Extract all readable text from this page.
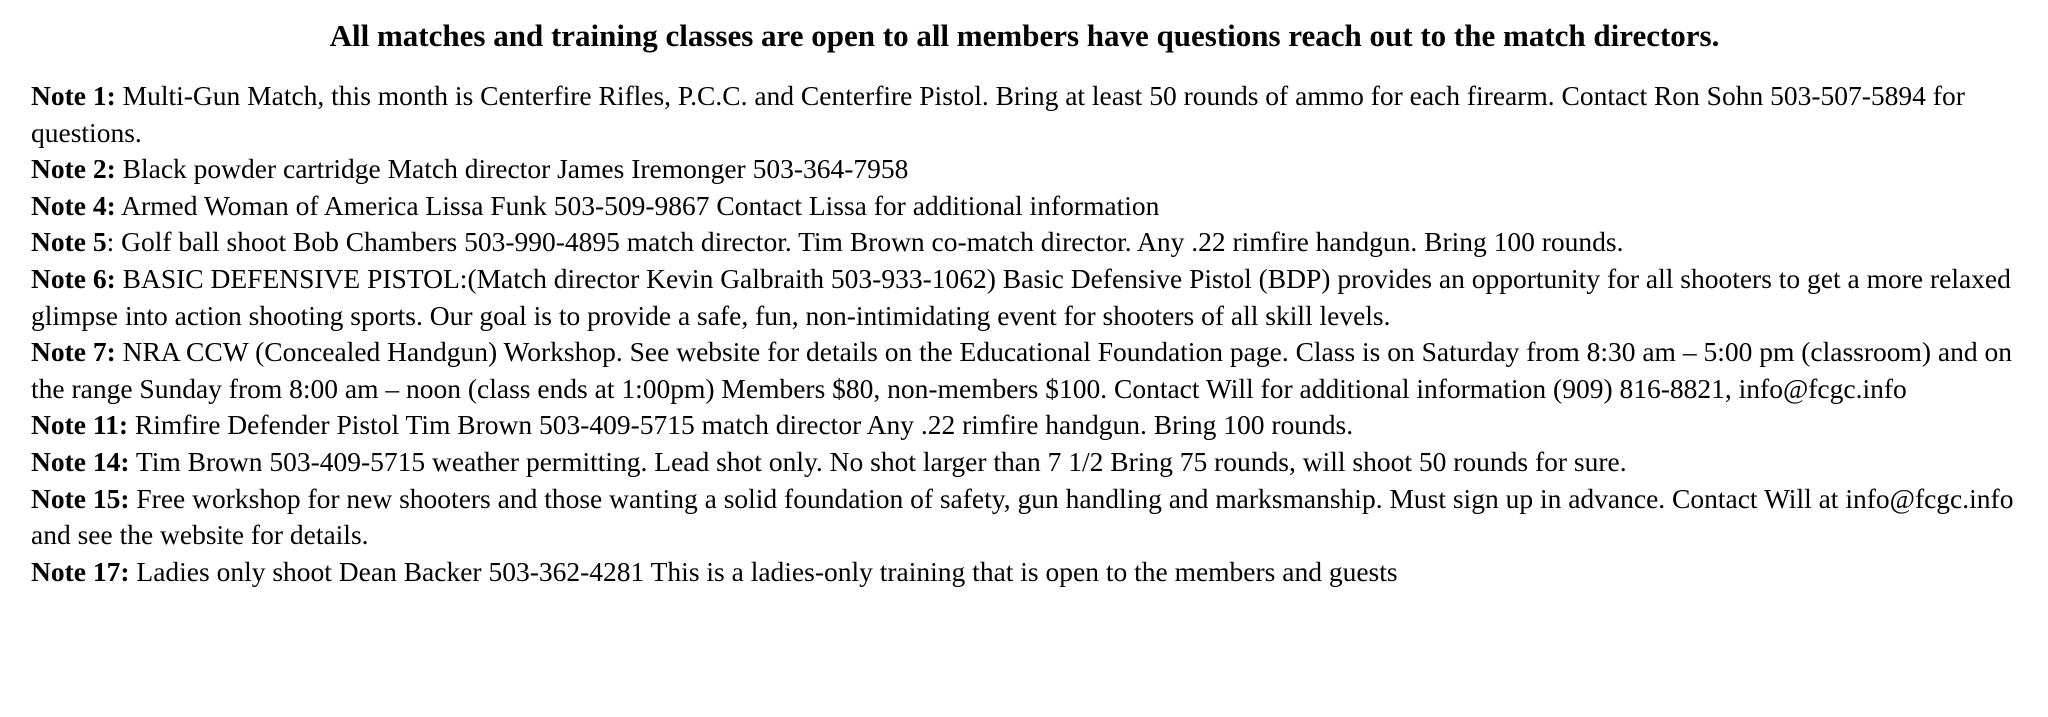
All matches and training classes are open to all members have questions reach out to the match directors.

Note 1: Multi-Gun Match, this month is Centerfire Rifles, P.C.C. and Centerfire Pistol. Bring at least 50 rounds of ammo for each firearm. Contact Ron Sohn 503-507-5894 for questions.

Note 2: Black powder cartridge Match director James Iremonger 503-364-7958

Note 4: Armed Woman of America Lissa Funk 503-509-9867 Contact Lissa for additional information

Note 5: Golf ball shoot Bob Chambers 503-990-4895 match director. Tim Brown co-match director. Any .22 rimfire handgun. Bring 100 rounds.

Note 6: BASIC DEFENSIVE PISTOL:(Match director Kevin Galbraith 503-933-1062) Basic Defensive Pistol (BDP) provides an opportunity for all shooters to get a more relaxed glimpse into action shooting sports. Our goal is to provide a safe, fun, non-intimidating event for shooters of all skill levels.

Note 7: NRA CCW (Concealed Handgun) Workshop. See website for details on the Educational Foundation page. Class is on Saturday from 8:30 am – 5:00 pm (classroom) and on the range Sunday from 8:00 am – noon (class ends at 1:00pm) Members $80, non-members $100. Contact Will for additional information (909) 816-8821, info@fcgc.info

Note 11: Rimfire Defender Pistol Tim Brown 503-409-5715 match director Any .22 rimfire handgun. Bring 100 rounds.

Note 14: Tim Brown 503-409-5715 weather permitting. Lead shot only. No shot larger than 7 1/2 Bring 75 rounds, will shoot 50 rounds for sure.

Note 15: Free workshop for new shooters and those wanting a solid foundation of safety, gun handling and marksmanship. Must sign up in advance. Contact Will at info@fcgc.info and see the website for details.

Note 17: Ladies only shoot Dean Backer 503-362-4281 This is a ladies-only training that is open to the members and guests
